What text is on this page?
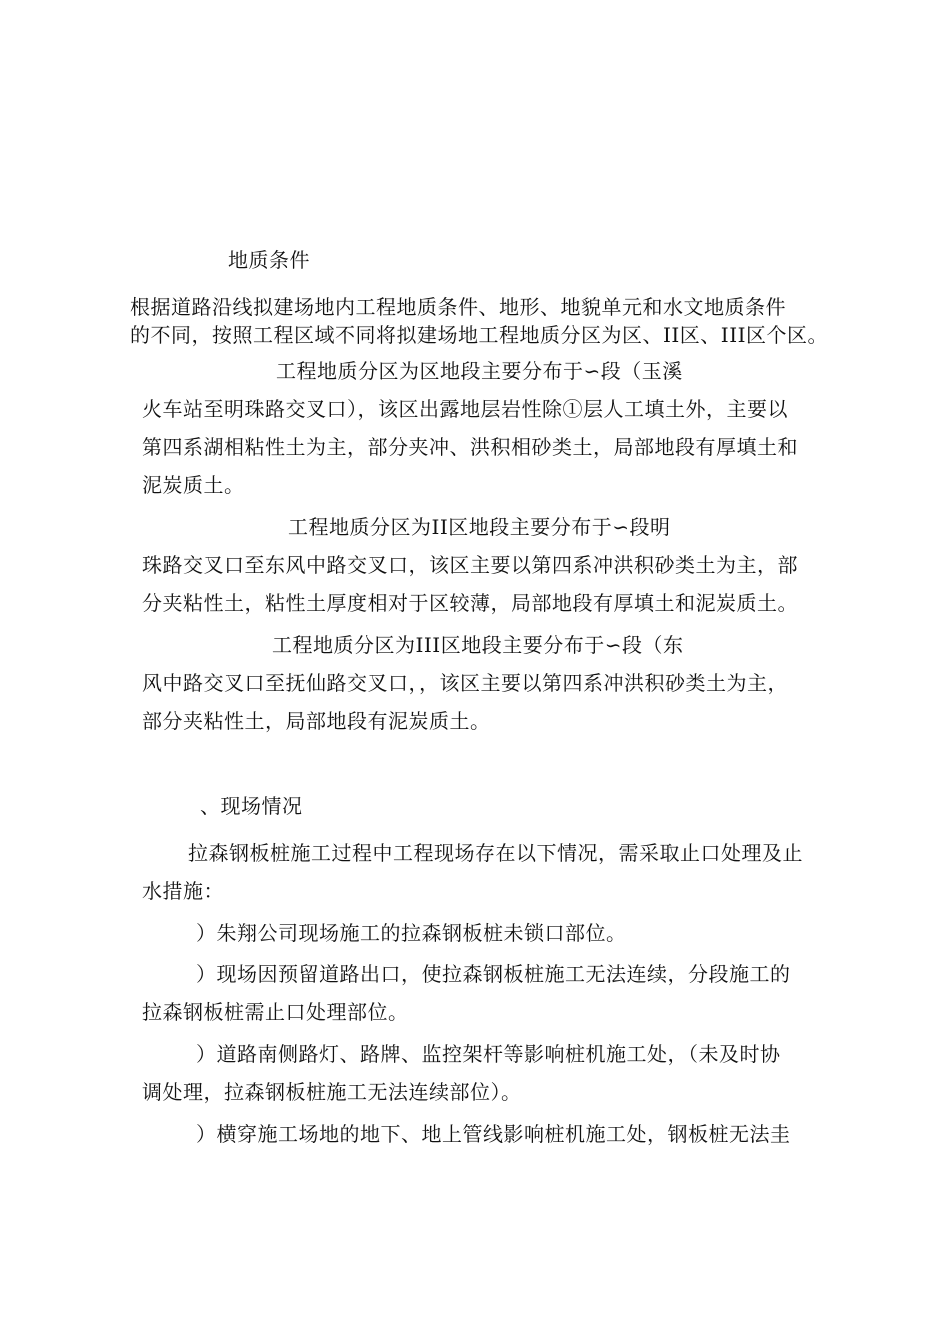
地质条件
根据道路沿线拟建场地内工程地质条件、地形、地貌单元和水文地质条件
的不同，按照工程区域不同将拟建场地工程地质分区为区、II区、III区个区。
工程地质分区为区地段主要分布于∽段（玉溪
火车站至明珠路交叉口），该区出露地层岩性除①层人工填土外，主要以
第四系湖相粘性土为主，部分夹冲、洪积相砂类土，局部地段有厚填土和
泥炭质土。
工程地质分区为II区地段主要分布于∽段明
珠路交叉口至东风中路交叉口，该区主要以第四系冲洪积砂类土为主，部
分夹粘性土，粘性土厚度相对于区较薄，局部地段有厚填土和泥炭质土。
工程地质分区为III区地段主要分布于∽段（东
风中路交叉口至抚仙路交叉口，，该区主要以第四系冲洪积砂类土为主，
部分夹粘性土，局部地段有泥炭质土。
、现场情况
拉森钢板桩施工过程中工程现场存在以下情况，需采取止口处理及止
水措施：
）朱翔公司现场施工的拉森钢板桩未锁口部位。
）现场因预留道路出口，使拉森钢板桩施工无法连续，分段施工的
拉森钢板桩需止口处理部位。
）道路南侧路灯、路牌、监控架杆等影响桩机施工处，（未及时协
调处理，拉森钢板桩施工无法连续部位）。
）横穿施工场地的地下、地上管线影响桩机施工处，钢板桩无法圭
